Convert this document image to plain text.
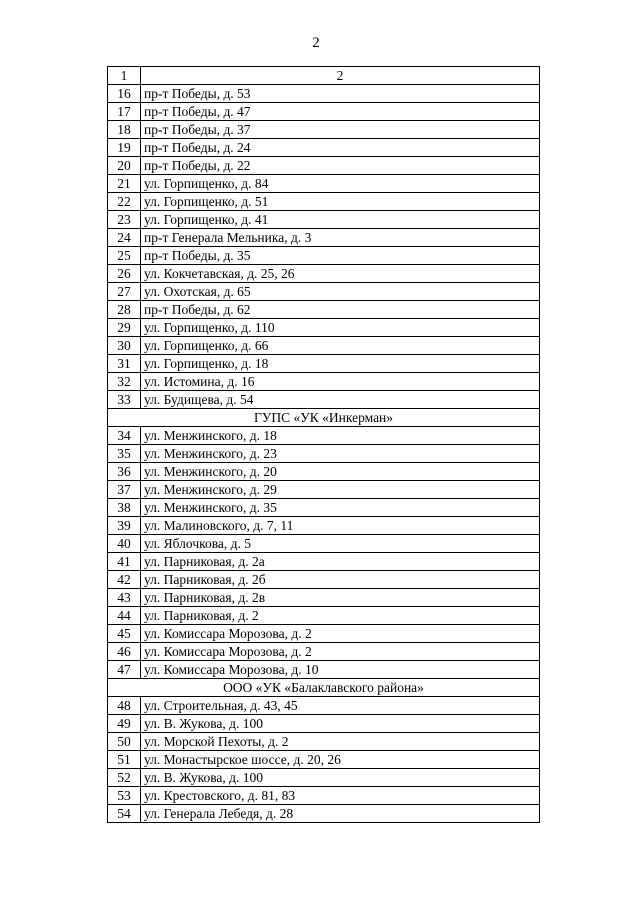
2
1	2
16	пр-т Победы, д. 53
17	пр-т Победы, д. 47
18	пр-т Победы, д. 37
19	пр-т Победы, д. 24
20	пр-т Победы, д. 22
21	ул. Горпищенко, д. 84
22	ул. Горпищенко, д. 51
23	ул. Горпищенко, д. 41
24	пр-т Генерала Мельника, д. 3
25	пр-т Победы, д. 35
26	ул. Кокчетавская, д. 25, 26
27	ул. Охотская, д. 65
28	пр-т Победы, д. 62
29	ул. Горпищенко, д. 110
30	ул. Горпищенко, д. 66
31	ул. Горпищенко, д. 18
32	ул. Истомина, д. 16
33	ул. Будищева, д. 54
ГУПС «УК «Инкерман»	
34	ул. Менжинского, д. 18
35	ул. Менжинского, д. 23
36	ул. Менжинского, д. 20
37	ул. Менжинского, д. 29
38	ул. Менжинского, д. 35
39	ул. Малиновского, д. 7, 11
40	ул. Яблочкова, д. 5
41	ул. Парниковая, д. 2а
42	ул. Парниковая, д. 2б
43	ул. Парниковая, д. 2в
44	ул. Парниковая, д. 2
45	ул. Комиссара Морозова, д. 2
46	ул. Комиссара Морозова, д. 2
47	ул. Комиссара Морозова, д. 10
ООО «УК «Балаклавского района»	
48	ул. Строительная, д. 43, 45
49	ул. В. Жукова, д. 100
50	ул. Морской Пехоты, д. 2
51	ул. Монастырское шоссе, д. 20, 26
52	ул. В. Жукова, д. 100
53	ул. Крестовского, д. 81, 83
54	ул. Генерала Лебедя, д. 28
